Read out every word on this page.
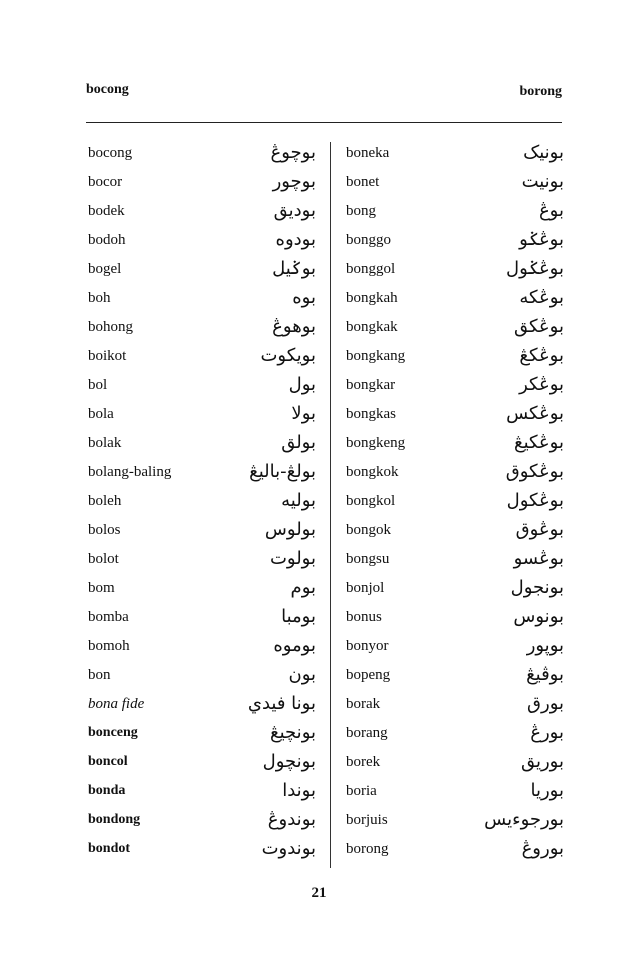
bocong	borong
bocong	بوچوڠ
bocor	بوچور
bodek	بوديق
bodoh	بودوه
bogel	بوݢيل
boh	بوه
bohong	بوهوڠ
boikot	بويکوت
bol	بول
bola	بولا
bolak	بولق
bolang-baling	بولڠ-باليڠ
boleh	بوليه
bolos	بولوس
bolot	بولوت
bom	بوم
bomba	بومبا
bomoh	بوموه
bon	بون
bona fide	بونا فيدي
bonceng	بونچيڠ
boncol	بونچول
bonda	بوندا
bondong	بوندوڠ
bondot	بوندوت
boneka	بونيک
bonet	بونيت
bong	بوڠ
bonggo	بوڠݢو
bonggol	بوڠݢول
bongkah	بوڠکه
bongkak	بوڠکق
bongkang	بوڠکڠ
bongkar	بوڠکر
bongkas	بوڠکس
bongkeng	بوڠکيڠ
bongkok	بوڠکوق
bongkol	بوڠکول
bongok	بوڠوق
bongsu	بوڠسو
bonjol	بونجول
bonus	بونوس
bonyor	بوڽور
bopeng	بوڤيڠ
borak	بورق
borang	بورڠ
borek	بوريق
boria	بوريا
borjuis	بورجوءيس
borong	بوروڠ
21
